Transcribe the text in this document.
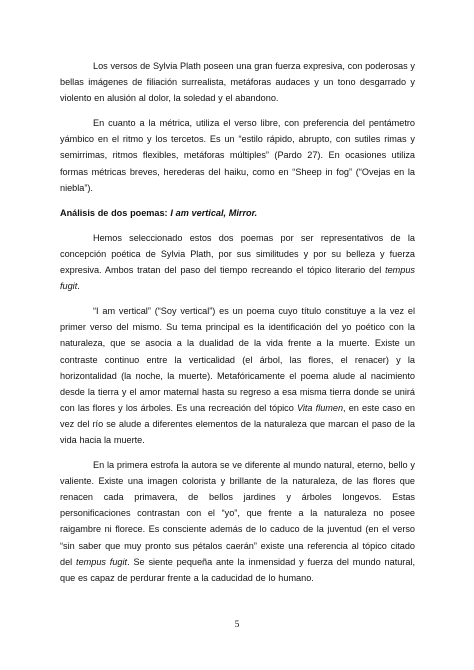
Los versos de Sylvia Plath poseen una gran fuerza expresiva, con poderosas y bellas imágenes de filiación surrealista, metáforas audaces y un tono desgarrado y violento en alusión al dolor, la soledad y el abandono.

En cuanto a la métrica, utiliza el verso libre, con preferencia del pentámetro yámbico en el ritmo y los tercetos. Es un “estilo rápido, abrupto, con sutiles rimas y semirrimas, ritmos flexibles, metáforas múltiples” (Pardo 27). En ocasiones utiliza formas métricas breves, herederas del haiku, como en “Sheep in fog” (“Ovejas en la niebla”).

Análisis de dos poemas: I am vertical, Mirror.

Hemos seleccionado estos dos poemas por ser representativos de la concepción poética de Sylvia Plath, por sus similitudes y por su belleza y fuerza expresiva. Ambos tratan del paso del tiempo recreando el tópico literario del tempus fugit.

“I am vertical” (“Soy vertical”) es un poema cuyo título constituye a la vez el primer verso del mismo. Su tema principal es la identificación del yo poético con la naturaleza, que se asocia a la dualidad de la vida frente a la muerte. Existe un contraste continuo entre la verticalidad (el árbol, las flores, el renacer) y la horizontalidad (la noche, la muerte). Metafóricamente el poema alude al nacimiento desde la tierra y el amor maternal hasta su regreso a esa misma tierra donde se unirá con las flores y los árboles. Es una recreación del tópico Vita flumen, en este caso en vez del río se alude a diferentes elementos de la naturaleza que marcan el paso de la vida hacia la muerte.

En la primera estrofa la autora se ve diferente al mundo natural, eterno, bello y valiente. Existe una imagen colorista y brillante de la naturaleza, de las flores que renacen cada primavera, de bellos jardines y árboles longevos. Estas personificaciones contrastan con el “yo”, que frente a la naturaleza no posee raigambre ni florece. Es consciente además de lo caduco de la juventud (en el verso “sin saber que muy pronto sus pétalos caerán” existe una referencia al tópico citado del tempus fugit. Se siente pequeña ante la inmensidad y fuerza del mundo natural, que es capaz de perdurar frente a la caducidad de lo humano.

5
